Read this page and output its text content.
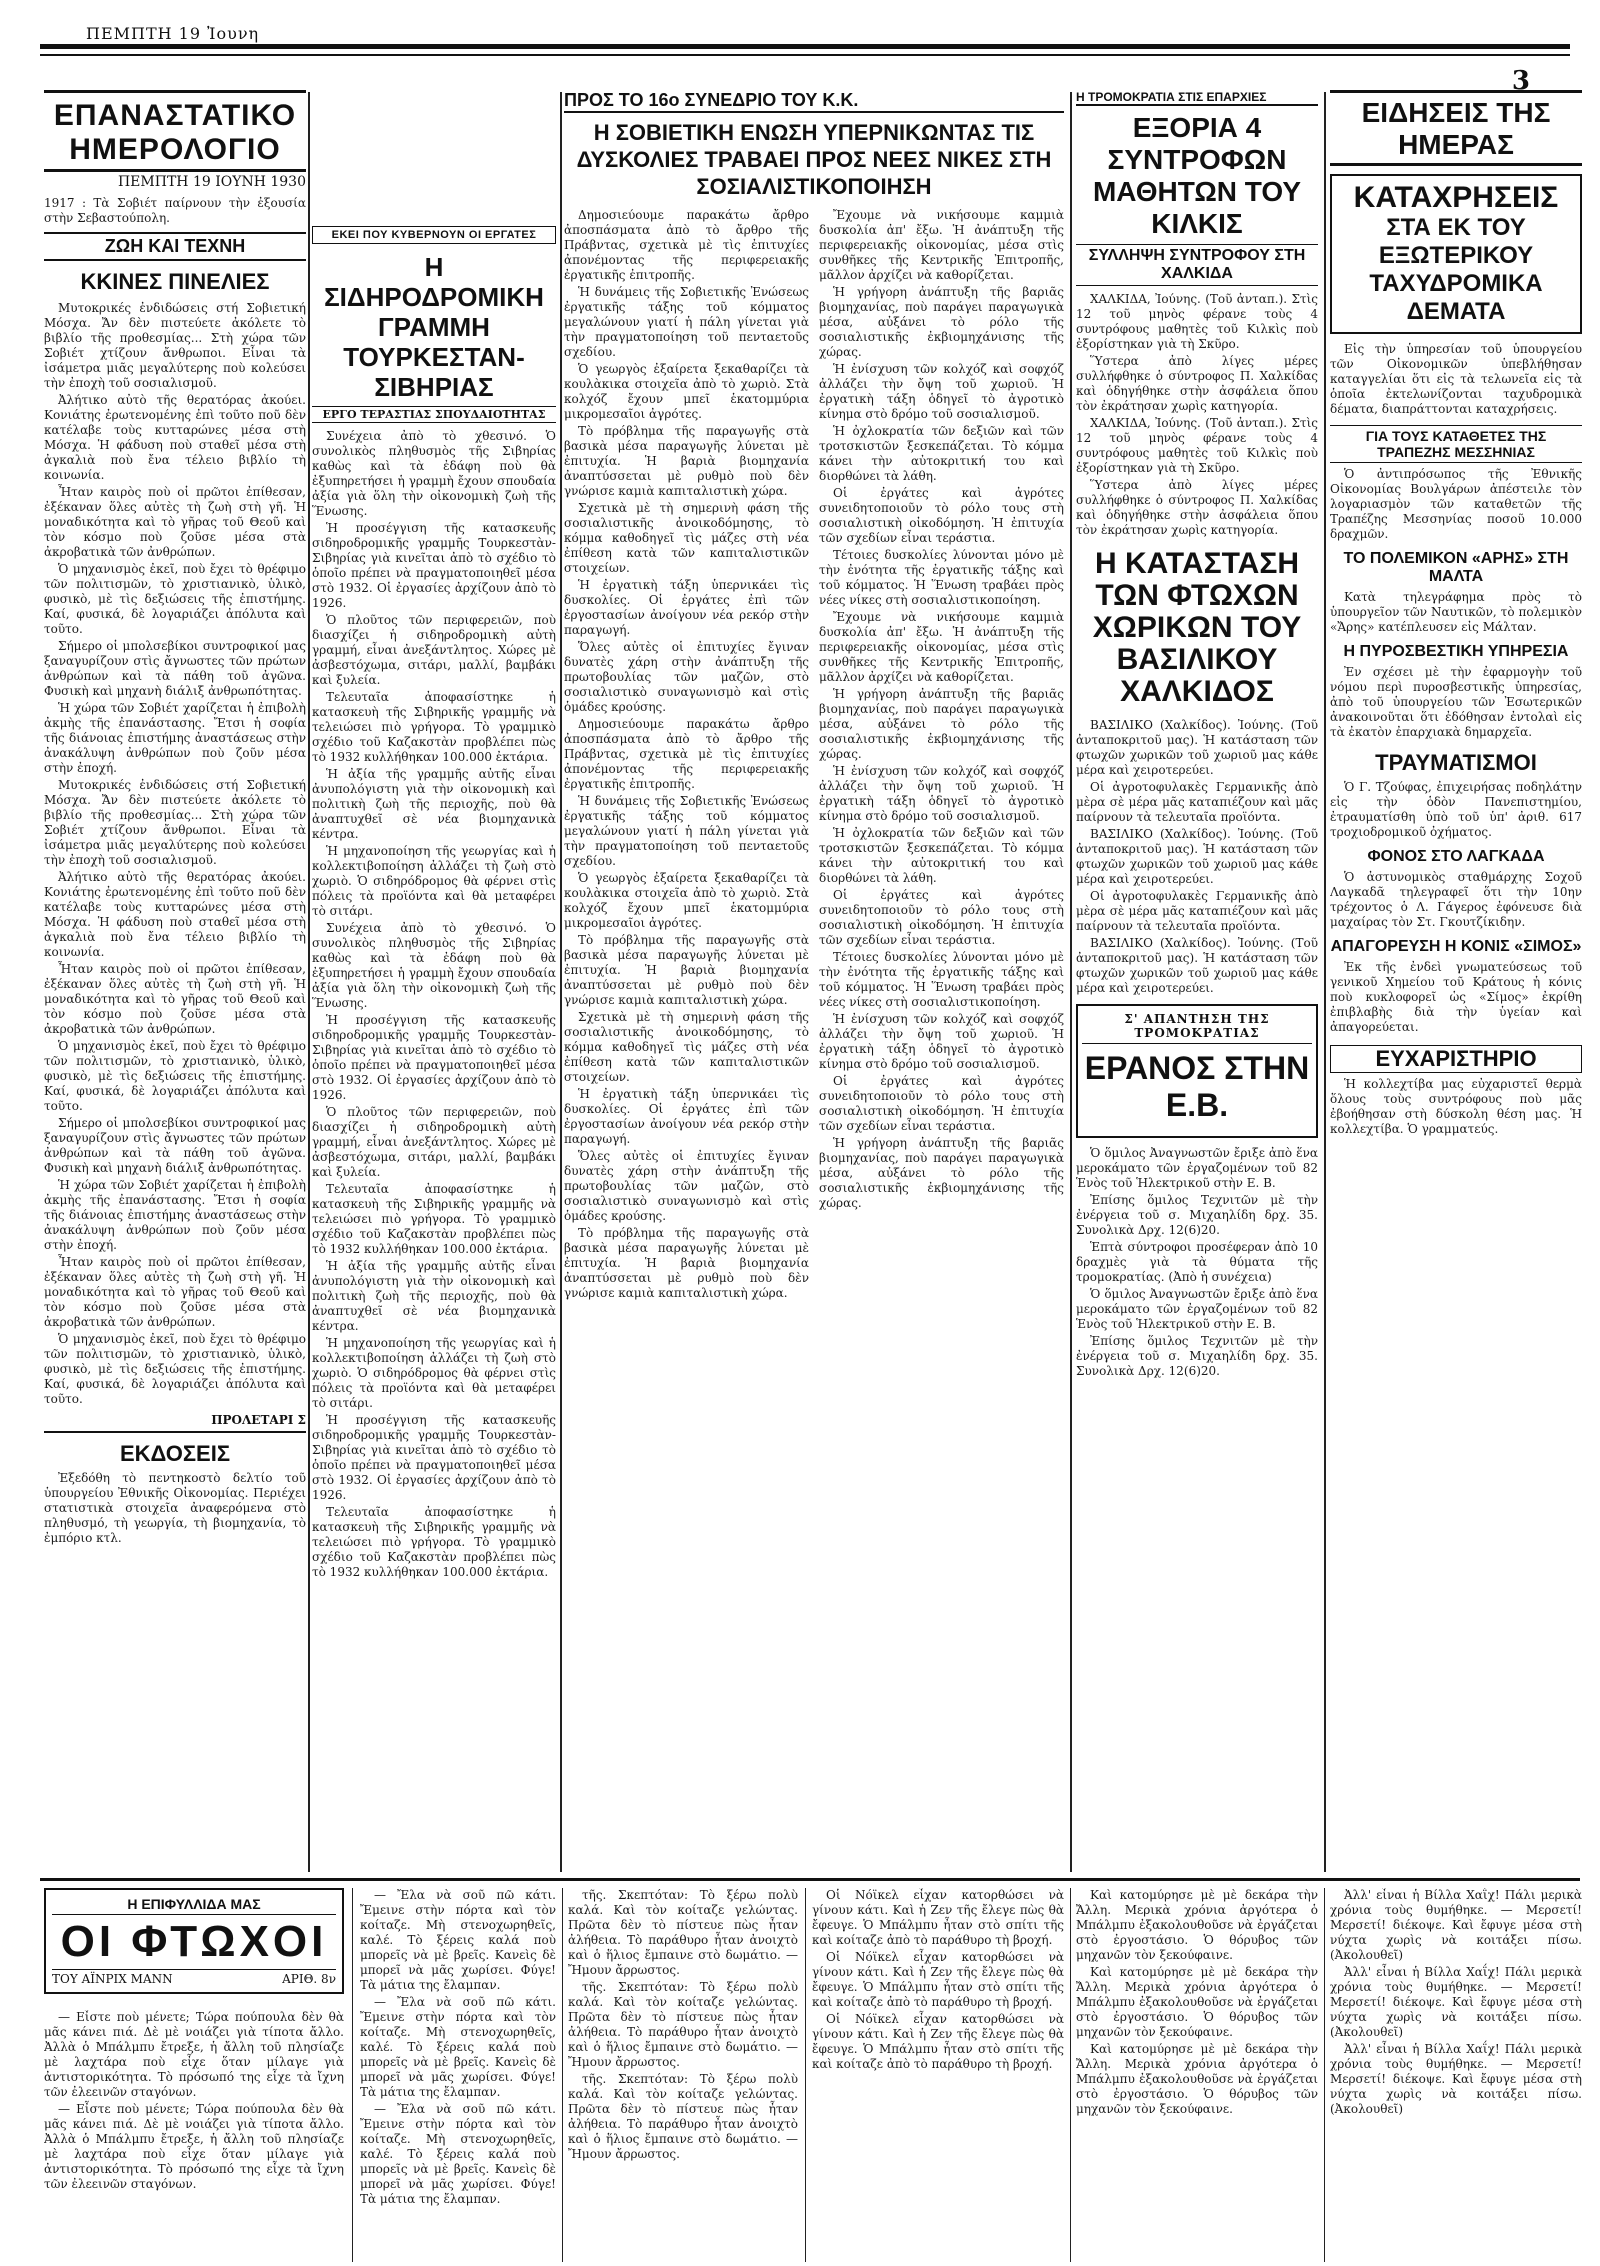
ΠΕΜΠΤΗ 19 Ἰουνη
3
ΕΠΑΝΑΣΤΑΤΙΚΟ ΗΜΕΡΟΛΟΓΙΟ
ΠΕΜΠΤΗ 19 ΙΟΥΝΗ 1930
1917 : Τὰ Σοβιέτ παίρνουν τὴν ἐξουσία στὴν Σεβαστούπολη.
ΖΩΗ ΚΑΙ ΤΕΧΝΗ
ΚΚΙΝΕΣ ΠΙΝΕΛΙΕΣ

Μυτοκρικές ἐνδιδώσεις στή Σοβιετική Μόσχα. Ἄν δὲν πιστεύετε ἀκόλετε τὸ βιβλίο τῆς προθεσμίας... Στὴ χώρα τῶν Σοβιέτ χτίζουν ἄνθρωποι. Εἶναι τὰ ἰσάμετρα μιᾶς μεγαλύτερης ποὺ κολεύσει τὴν ἐποχὴ τοῦ σοσιαλισμοῦ.

Ἀλήτικο αὐτὸ τῆς θερατόρας ἀκούει. Κονιάτης ἐρωτενομένης ἐπὶ τοῦτο ποῦ δὲν κατέλαβε τοὺς κυτταρώνες μέσα στὴ Μόσχα. Ἡ φάδυση ποὺ σταθεῖ μέσα στὴ ἀγκαλιὰ ποὺ ἔνα τέλειο βιβλίο τὴ κοινωνία.

Ἦταν καιρὸς ποὺ οἱ πρῶτοι ἐπίθεσαν, ἐξέκαναν ὅλες αὐτὲς τὴ ζωὴ στὴ γῆ. Ἡ μοναδικότητα καὶ τὸ γῆρας τοῦ Θεοῦ καὶ τὸν κόσμο ποὺ ζοῦσε μέσα στὰ ἀκροβατικὰ τῶν ἀνθρώπων.

Ὁ μηχανισμὸς ἐκεῖ, ποὺ ἔχει τὸ θρέφιμο τῶν πολιτισμῶν, τὸ χριστιανικὸ, ὑλικὸ, φυσικὸ, μὲ τὶς δεξιώσεις τῆς ἐπιστήμης. Καί, φυσικά, δὲ λογαριάζει ἀπόλυτα καὶ τοῦτο.

Σήμερο οἱ μπολσεβίκοι συντροφικοί μας ξαναγυρίζουν στὶς ἄγνωστες τῶν πρώτων ἀνθρώπων καὶ τὰ πάθη τοῦ ἀγῶνα. Φυσικὴ καὶ μηχανὴ διάλιξ ἀνθρωπότητας.

Ἡ χώρα τῶν Σοβιέτ χαρίζεται ἡ ἐπιβολὴ ἀκμὴς τῆς ἐπανάστασης. Ἔτσι ἡ σοφία τῆς διάνοιας ἐπιστήμης ἀναστάσεως στὴν ἀνακάλυψη ἀνθρώπων ποὺ ζοῦν μέσα στὴν ἐποχή.

Μυτοκρικές ἐνδιδώσεις στή Σοβιετική Μόσχα. Ἄν δὲν πιστεύετε ἀκόλετε τὸ βιβλίο τῆς προθεσμίας... Στὴ χώρα τῶν Σοβιέτ χτίζουν ἄνθρωποι. Εἶναι τὰ ἰσάμετρα μιᾶς μεγαλύτερης ποὺ κολεύσει τὴν ἐποχὴ τοῦ σοσιαλισμοῦ.

Ἀλήτικο αὐτὸ τῆς θερατόρας ἀκούει. Κονιάτης ἐρωτενομένης ἐπὶ τοῦτο ποῦ δὲν κατέλαβε τοὺς κυτταρώνες μέσα στὴ Μόσχα. Ἡ φάδυση ποὺ σταθεῖ μέσα στὴ ἀγκαλιὰ ποὺ ἔνα τέλειο βιβλίο τὴ κοινωνία.

Ἦταν καιρὸς ποὺ οἱ πρῶτοι ἐπίθεσαν, ἐξέκαναν ὅλες αὐτὲς τὴ ζωὴ στὴ γῆ. Ἡ μοναδικότητα καὶ τὸ γῆρας τοῦ Θεοῦ καὶ τὸν κόσμο ποὺ ζοῦσε μέσα στὰ ἀκροβατικὰ τῶν ἀνθρώπων.

Ὁ μηχανισμὸς ἐκεῖ, ποὺ ἔχει τὸ θρέφιμο τῶν πολιτισμῶν, τὸ χριστιανικὸ, ὑλικὸ, φυσικὸ, μὲ τὶς δεξιώσεις τῆς ἐπιστήμης. Καί, φυσικά, δὲ λογαριάζει ἀπόλυτα καὶ τοῦτο.

Σήμερο οἱ μπολσεβίκοι συντροφικοί μας ξαναγυρίζουν στὶς ἄγνωστες τῶν πρώτων ἀνθρώπων καὶ τὰ πάθη τοῦ ἀγῶνα. Φυσικὴ καὶ μηχανὴ διάλιξ ἀνθρωπότητας.

Ἡ χώρα τῶν Σοβιέτ χαρίζεται ἡ ἐπιβολὴ ἀκμὴς τῆς ἐπανάστασης. Ἔτσι ἡ σοφία τῆς διάνοιας ἐπιστήμης ἀναστάσεως στὴν ἀνακάλυψη ἀνθρώπων ποὺ ζοῦν μέσα στὴν ἐποχή.

Ἦταν καιρὸς ποὺ οἱ πρῶτοι ἐπίθεσαν, ἐξέκαναν ὅλες αὐτὲς τὴ ζωὴ στὴ γῆ. Ἡ μοναδικότητα καὶ τὸ γῆρας τοῦ Θεοῦ καὶ τὸν κόσμο ποὺ ζοῦσε μέσα στὰ ἀκροβατικὰ τῶν ἀνθρώπων.

Ὁ μηχανισμὸς ἐκεῖ, ποὺ ἔχει τὸ θρέφιμο τῶν πολιτισμῶν, τὸ χριστιανικὸ, ὑλικὸ, φυσικὸ, μὲ τὶς δεξιώσεις τῆς ἐπιστήμης. Καί, φυσικά, δὲ λογαριάζει ἀπόλυτα καὶ τοῦτο.

ΠΡΟΛΕΤΑΡΙ Σ
ΕΚΔΟΣΕΙΣ

Ἐξεδόθη τὸ πεντηκοστὸ δελτίο τοῦ ὑπουργείου Ἐθνικῆς Οἰκονομίας. Περιέχει στατιστικὰ στοιχεῖα ἀναφερόμενα στὸ πληθυσμό, τὴ γεωργία, τὴ βιομηχανία, τὸ ἐμπόριο κτλ.

ΕΚΕΙ ΠΟΥ ΚΥΒΕΡΝΟΥΝ ΟΙ ΕΡΓΑΤΕΣ
Η ΣΙΔΗΡΟΔΡΟΜΙΚΗ ΓΡΑΜΜΗ ΤΟΥΡΚΕΣΤΑΝ-ΣΙΒΗΡΙΑΣ
ΕΡΓΟ ΤΕΡΑΣΤΙΑΣ ΣΠΟΥΔΑΙΟΤΗΤΑΣ

Συνέχεια ἀπὸ τὸ χθεσινό. Ὁ συνολικὸς πληθυσμὸς τῆς Σιβηρίας καθὼς καὶ τὰ ἐδάφη ποὺ θὰ ἐξυπηρετήσει ἡ γραμμὴ ἔχουν σπουδαία ἀξία γιὰ ὅλη τὴν οἰκονομικὴ ζωὴ τῆς Ἕνωσης.

Ἡ προσέγγιση τῆς κατασκευῆς σιδηροδρομικῆς γραμμῆς Τουρκεστὰν-Σιβηρίας γιὰ κινεῖται ἀπὸ τὸ σχέδιο τὸ ὁποῖο πρέπει νὰ πραγματοποιηθεῖ μέσα στὸ 1932. Οἱ ἐργασίες ἀρχίζουν ἀπὸ τὸ 1926.

Ὁ πλοῦτος τῶν περιφερειῶν, ποὺ διασχίζει ἡ σιδηροδρομικὴ αὐτὴ γραμμή, εἶναι ἀνεξάντλητος. Χώρες μὲ ἀσβεστόχωμα, σιτάρι, μαλλί, βαμβάκι καὶ ξυλεία.

Τελευταῖα ἀποφασίστηκε ἡ κατασκευὴ τῆς Σιβηρικῆς γραμμῆς νὰ τελειώσει πιὸ γρήγορα. Τὸ γραμμικὸ σχέδιο τοῦ Καζακστὰν προβλέπει πὼς τὸ 1932 κυλλήθηκαν 100.000 ἐκτάρια.

Ἡ ἀξία τῆς γραμμῆς αὐτῆς εἶναι ἀνυπολόγιστη γιὰ τὴν οἰκονομικὴ καὶ πολιτικὴ ζωὴ τῆς περιοχῆς, ποὺ θὰ ἀναπτυχθεῖ σὲ νέα βιομηχανικὰ κέντρα.

Ἡ μηχανοποίηση τῆς γεωργίας καὶ ἡ κολλεκτιβοποίηση ἀλλάζει τὴ ζωὴ στὸ χωριὸ. Ὁ σιδηρόδρομος θὰ φέρνει στὶς πόλεις τὰ προϊόντα καὶ θὰ μεταφέρει τὸ σιτάρι.

Συνέχεια ἀπὸ τὸ χθεσινό. Ὁ συνολικὸς πληθυσμὸς τῆς Σιβηρίας καθὼς καὶ τὰ ἐδάφη ποὺ θὰ ἐξυπηρετήσει ἡ γραμμὴ ἔχουν σπουδαία ἀξία γιὰ ὅλη τὴν οἰκονομικὴ ζωὴ τῆς Ἕνωσης.

Ἡ προσέγγιση τῆς κατασκευῆς σιδηροδρομικῆς γραμμῆς Τουρκεστὰν-Σιβηρίας γιὰ κινεῖται ἀπὸ τὸ σχέδιο τὸ ὁποῖο πρέπει νὰ πραγματοποιηθεῖ μέσα στὸ 1932. Οἱ ἐργασίες ἀρχίζουν ἀπὸ τὸ 1926.

Ὁ πλοῦτος τῶν περιφερειῶν, ποὺ διασχίζει ἡ σιδηροδρομικὴ αὐτὴ γραμμή, εἶναι ἀνεξάντλητος. Χώρες μὲ ἀσβεστόχωμα, σιτάρι, μαλλί, βαμβάκι καὶ ξυλεία.

Τελευταῖα ἀποφασίστηκε ἡ κατασκευὴ τῆς Σιβηρικῆς γραμμῆς νὰ τελειώσει πιὸ γρήγορα. Τὸ γραμμικὸ σχέδιο τοῦ Καζακστὰν προβλέπει πὼς τὸ 1932 κυλλήθηκαν 100.000 ἐκτάρια.

Ἡ ἀξία τῆς γραμμῆς αὐτῆς εἶναι ἀνυπολόγιστη γιὰ τὴν οἰκονομικὴ καὶ πολιτικὴ ζωὴ τῆς περιοχῆς, ποὺ θὰ ἀναπτυχθεῖ σὲ νέα βιομηχανικὰ κέντρα.

Ἡ μηχανοποίηση τῆς γεωργίας καὶ ἡ κολλεκτιβοποίηση ἀλλάζει τὴ ζωὴ στὸ χωριὸ. Ὁ σιδηρόδρομος θὰ φέρνει στὶς πόλεις τὰ προϊόντα καὶ θὰ μεταφέρει τὸ σιτάρι.

Ἡ προσέγγιση τῆς κατασκευῆς σιδηροδρομικῆς γραμμῆς Τουρκεστὰν-Σιβηρίας γιὰ κινεῖται ἀπὸ τὸ σχέδιο τὸ ὁποῖο πρέπει νὰ πραγματοποιηθεῖ μέσα στὸ 1932. Οἱ ἐργασίες ἀρχίζουν ἀπὸ τὸ 1926.

Τελευταῖα ἀποφασίστηκε ἡ κατασκευὴ τῆς Σιβηρικῆς γραμμῆς νὰ τελειώσει πιὸ γρήγορα. Τὸ γραμμικὸ σχέδιο τοῦ Καζακστὰν προβλέπει πὼς τὸ 1932 κυλλήθηκαν 100.000 ἐκτάρια.

ΠΡΟΣ ΤΟ 16ο ΣΥΝΕΔΡΙΟ ΤΟΥ Κ.Κ.
Η ΣΟΒΙΕΤΙΚΗ ΕΝΩΣΗ ΥΠΕΡΝΙΚΩΝΤΑΣ ΤΙΣ ΔΥΣΚΟΛΙΕΣ ΤΡΑΒΑΕΙ ΠΡΟΣ ΝΕΕΣ ΝΙΚΕΣ ΣΤΗ ΣΟΣΙΑΛΙΣΤΙΚΟΠΟΙΗΣΗ

Δημοσιεύουμε παρακάτω ἄρθρο ἀποσπάσματα ἀπὸ τὸ ἄρθρο τῆς Πράβντας, σχετικὰ μὲ τὶς ἐπιτυχίες ἀπονέμοντας τῆς περιφερειακῆς ἐργατικῆς ἐπιτροπῆς.

Ἡ δυνάμεις τῆς Σοβιετικῆς Ἐνώσεως ἐργατικῆς τάξης τοῦ κόμματος μεγαλώνουν γιατί ἡ πάλη γίνεται γιὰ τὴν πραγματοποίηση τοῦ πενταετοῦς σχεδίου.

Ὁ γεωργὸς ἐξαίρετα ξεκαθαρίζει τὰ κουλὰκικα στοιχεῖα ἀπὸ τὸ χωριὸ. Στὰ κολχόζ ἔχουν μπεῖ ἑκατομμύρια μικρομεσαῖοι ἀγρότες.

Τὸ πρόβλημα τῆς παραγωγῆς στὰ βασικὰ μέσα παραγωγῆς λύνεται μὲ ἐπιτυχία. Ἡ βαριὰ βιομηχανία ἀναπτύσσεται μὲ ρυθμὸ ποὺ δὲν γνώρισε καμιὰ καπιταλιστικὴ χώρα.

Σχετικὰ μὲ τὴ σημερινὴ φάση τῆς σοσιαλιστικῆς ἀνοικοδόμησης, τὸ κόμμα καθοδηγεῖ τὶς μάζες στὴ νέα ἐπίθεση κατὰ τῶν καπιταλιστικῶν στοιχείων.

Ἡ ἐργατικὴ τάξη ὑπερνικάει τὶς δυσκολίες. Οἱ ἐργάτες ἐπὶ τῶν ἐργοστασίων ἀνοίγουν νέα ρεκόρ στὴν παραγωγή.

Ὅλες αὐτὲς οἱ ἐπιτυχίες ἔγιναν δυνατὲς χάρη στὴν ἀνάπτυξη τῆς πρωτοβουλίας τῶν μαζῶν, στὸ σοσιαλιστικὸ συναγωνισμὸ καὶ στὶς ὁμάδες κρούσης.

Δημοσιεύουμε παρακάτω ἄρθρο ἀποσπάσματα ἀπὸ τὸ ἄρθρο τῆς Πράβντας, σχετικὰ μὲ τὶς ἐπιτυχίες ἀπονέμοντας τῆς περιφερειακῆς ἐργατικῆς ἐπιτροπῆς.

Ἡ δυνάμεις τῆς Σοβιετικῆς Ἐνώσεως ἐργατικῆς τάξης τοῦ κόμματος μεγαλώνουν γιατί ἡ πάλη γίνεται γιὰ τὴν πραγματοποίηση τοῦ πενταετοῦς σχεδίου.

Ὁ γεωργὸς ἐξαίρετα ξεκαθαρίζει τὰ κουλὰκικα στοιχεῖα ἀπὸ τὸ χωριὸ. Στὰ κολχόζ ἔχουν μπεῖ ἑκατομμύρια μικρομεσαῖοι ἀγρότες.

Τὸ πρόβλημα τῆς παραγωγῆς στὰ βασικὰ μέσα παραγωγῆς λύνεται μὲ ἐπιτυχία. Ἡ βαριὰ βιομηχανία ἀναπτύσσεται μὲ ρυθμὸ ποὺ δὲν γνώρισε καμιὰ καπιταλιστικὴ χώρα.

Σχετικὰ μὲ τὴ σημερινὴ φάση τῆς σοσιαλιστικῆς ἀνοικοδόμησης, τὸ κόμμα καθοδηγεῖ τὶς μάζες στὴ νέα ἐπίθεση κατὰ τῶν καπιταλιστικῶν στοιχείων.

Ἡ ἐργατικὴ τάξη ὑπερνικάει τὶς δυσκολίες. Οἱ ἐργάτες ἐπὶ τῶν ἐργοστασίων ἀνοίγουν νέα ρεκόρ στὴν παραγωγή.

Ὅλες αὐτὲς οἱ ἐπιτυχίες ἔγιναν δυνατὲς χάρη στὴν ἀνάπτυξη τῆς πρωτοβουλίας τῶν μαζῶν, στὸ σοσιαλιστικὸ συναγωνισμὸ καὶ στὶς ὁμάδες κρούσης.

Τὸ πρόβλημα τῆς παραγωγῆς στὰ βασικὰ μέσα παραγωγῆς λύνεται μὲ ἐπιτυχία. Ἡ βαριὰ βιομηχανία ἀναπτύσσεται μὲ ρυθμὸ ποὺ δὲν γνώρισε καμιὰ καπιταλιστικὴ χώρα.

Ἔχουμε νὰ νικήσουμε καμμιὰ δυσκολία ἀπ' ἔξω. Ἡ ἀνάπτυξη τῆς περιφερειακῆς οἰκονομίας, μέσα στὶς συνθῆκες τῆς Κεντρικῆς Ἐπιτροπῆς, μᾶλλον ἀρχίζει νὰ καθορίζεται.

Ἡ γρήγορη ἀνάπτυξη τῆς βαριᾶς βιομηχανίας, ποὺ παράγει παραγωγικὰ μέσα, αὐξάνει τὸ ρόλο τῆς σοσιαλιστικῆς ἐκβιομηχάνισης τῆς χώρας.

Ἡ ἐνίσχυση τῶν κολχόζ καὶ σοφχόζ ἀλλάζει τὴν ὄψη τοῦ χωριοῦ. Ἡ ἐργατικὴ τάξη ὁδηγεῖ τὸ ἀγροτικὸ κίνημα στὸ δρόμο τοῦ σοσιαλισμοῦ.

Ἡ ὀχλοκρατία τῶν δεξιῶν καὶ τῶν τροτσκιστῶν ξεσκεπάζεται. Τὸ κόμμα κάνει τὴν αὐτοκριτική του καὶ διορθώνει τὰ λάθη.

Οἱ ἐργάτες καὶ ἀγρότες συνειδητοποιοῦν τὸ ρόλο τους στὴ σοσιαλιστικὴ οἰκοδόμηση. Ἡ ἐπιτυχία τῶν σχεδίων εἶναι τεράστια.

Τέτοιες δυσκολίες λύνονται μόνο μὲ τὴν ἐνότητα τῆς ἐργατικῆς τάξης καὶ τοῦ κόμματος. Ἡ Ἕνωση τραβάει πρὸς νέες νίκες στὴ σοσιαλιστικοποίηση.

Ἔχουμε νὰ νικήσουμε καμμιὰ δυσκολία ἀπ' ἔξω. Ἡ ἀνάπτυξη τῆς περιφερειακῆς οἰκονομίας, μέσα στὶς συνθῆκες τῆς Κεντρικῆς Ἐπιτροπῆς, μᾶλλον ἀρχίζει νὰ καθορίζεται.

Ἡ γρήγορη ἀνάπτυξη τῆς βαριᾶς βιομηχανίας, ποὺ παράγει παραγωγικὰ μέσα, αὐξάνει τὸ ρόλο τῆς σοσιαλιστικῆς ἐκβιομηχάνισης τῆς χώρας.

Ἡ ἐνίσχυση τῶν κολχόζ καὶ σοφχόζ ἀλλάζει τὴν ὄψη τοῦ χωριοῦ. Ἡ ἐργατικὴ τάξη ὁδηγεῖ τὸ ἀγροτικὸ κίνημα στὸ δρόμο τοῦ σοσιαλισμοῦ.

Ἡ ὀχλοκρατία τῶν δεξιῶν καὶ τῶν τροτσκιστῶν ξεσκεπάζεται. Τὸ κόμμα κάνει τὴν αὐτοκριτική του καὶ διορθώνει τὰ λάθη.

Οἱ ἐργάτες καὶ ἀγρότες συνειδητοποιοῦν τὸ ρόλο τους στὴ σοσιαλιστικὴ οἰκοδόμηση. Ἡ ἐπιτυχία τῶν σχεδίων εἶναι τεράστια.

Τέτοιες δυσκολίες λύνονται μόνο μὲ τὴν ἐνότητα τῆς ἐργατικῆς τάξης καὶ τοῦ κόμματος. Ἡ Ἕνωση τραβάει πρὸς νέες νίκες στὴ σοσιαλιστικοποίηση.

Ἡ ἐνίσχυση τῶν κολχόζ καὶ σοφχόζ ἀλλάζει τὴν ὄψη τοῦ χωριοῦ. Ἡ ἐργατικὴ τάξη ὁδηγεῖ τὸ ἀγροτικὸ κίνημα στὸ δρόμο τοῦ σοσιαλισμοῦ.

Οἱ ἐργάτες καὶ ἀγρότες συνειδητοποιοῦν τὸ ρόλο τους στὴ σοσιαλιστικὴ οἰκοδόμηση. Ἡ ἐπιτυχία τῶν σχεδίων εἶναι τεράστια.

Ἡ γρήγορη ἀνάπτυξη τῆς βαριᾶς βιομηχανίας, ποὺ παράγει παραγωγικὰ μέσα, αὐξάνει τὸ ρόλο τῆς σοσιαλιστικῆς ἐκβιομηχάνισης τῆς χώρας.

Η ΤΡΟΜΟΚΡΑΤΙΑ ΣΤΙΣ ΕΠΑΡΧΙΕΣ
ΕΞΟΡΙΑ 4 ΣΥΝΤΡΟΦΩΝ ΜΑΘΗΤΩΝ ΤΟΥ ΚΙΛΚΙΣ
ΣΥΛΛΗΨΗ ΣΥΝΤΡΟΦΟΥ ΣΤΗ ΧΑΛΚΙΔΑ

ΧΑΛΚΙΔΑ, Ἰούνης. (Τοῦ ἀνταπ.). Στὶς 12 τοῦ μηνὸς φέρανε τοὺς 4 συντρόφους μαθητὲς τοῦ Κιλκὶς ποὺ ἐξορίστηκαν γιὰ τὴ Σκῦρο.

Ὕστερα ἀπὸ λίγες μέρες συλλήφθηκε ὁ σύντροφος Π. Χαλκίδας καὶ ὁδηγήθηκε στὴν ἀσφάλεια ὅπου τὸν ἐκράτησαν χωρὶς κατηγορία.

ΧΑΛΚΙΔΑ, Ἰούνης. (Τοῦ ἀνταπ.). Στὶς 12 τοῦ μηνὸς φέρανε τοὺς 4 συντρόφους μαθητὲς τοῦ Κιλκὶς ποὺ ἐξορίστηκαν γιὰ τὴ Σκῦρο.

Ὕστερα ἀπὸ λίγες μέρες συλλήφθηκε ὁ σύντροφος Π. Χαλκίδας καὶ ὁδηγήθηκε στὴν ἀσφάλεια ὅπου τὸν ἐκράτησαν χωρὶς κατηγορία.

Η ΚΑΤΑΣΤΑΣΗ ΤΩΝ ΦΤΩΧΩΝ ΧΩΡΙΚΩΝ ΤΟΥ ΒΑΣΙΛΙΚΟΥ ΧΑΛΚΙΔΟΣ

ΒΑΣΙΛΙΚΟ (Χαλκίδος). Ἰούνης. (Τοῦ ἀνταποκριτοῦ μας). Ἡ κατάσταση τῶν φτωχῶν χωρικῶν τοῦ χωριοῦ μας κάθε μέρα καὶ χειροτερεύει.

Οἱ ἀγροτοφυλακὲς Γερμανικῆς ἀπὸ μὲρα σὲ μέρα μᾶς καταπιέζουν καὶ μᾶς παίρνουν τὰ τελευταῖα προϊόντα.

ΒΑΣΙΛΙΚΟ (Χαλκίδος). Ἰούνης. (Τοῦ ἀνταποκριτοῦ μας). Ἡ κατάσταση τῶν φτωχῶν χωρικῶν τοῦ χωριοῦ μας κάθε μέρα καὶ χειροτερεύει.

Οἱ ἀγροτοφυλακὲς Γερμανικῆς ἀπὸ μὲρα σὲ μέρα μᾶς καταπιέζουν καὶ μᾶς παίρνουν τὰ τελευταῖα προϊόντα.

ΒΑΣΙΛΙΚΟ (Χαλκίδος). Ἰούνης. (Τοῦ ἀνταποκριτοῦ μας). Ἡ κατάσταση τῶν φτωχῶν χωρικῶν τοῦ χωριοῦ μας κάθε μέρα καὶ χειροτερεύει.

Σ' ΑΠΑΝΤΗΣΗ ΤΗΣ ΤΡΟΜΟΚΡΑΤΙΑΣ
ΕΡΑΝΟΣ ΣΤΗΝ Ε.Β.

Ὁ ὅμιλος Ἀναγνωστῶν ἔριξε ἀπὸ ἕνα μεροκάματο τῶν ἐργαζομένων τοῦ 82 Ἑνὸς τοῦ Ἡλεκτρικοῦ στὴν Ε. Β.

Ἐπίσης ὅμιλος Τεχνιτῶν μὲ τὴν ἐνέργεια τοῦ σ. Μιχαηλίδη δρχ. 35. Συνολικὰ Δρχ. 12(6)20.

Ἑπτὰ σύντροφοι προσέφεραν ἀπὸ 10 δραχμὲς γιὰ τὰ θύματα τῆς τρομοκρατίας. (Ἀπὸ ἡ συνέχεια)

Ὁ ὅμιλος Ἀναγνωστῶν ἔριξε ἀπὸ ἕνα μεροκάματο τῶν ἐργαζομένων τοῦ 82 Ἑνὸς τοῦ Ἡλεκτρικοῦ στὴν Ε. Β.

Ἐπίσης ὅμιλος Τεχνιτῶν μὲ τὴν ἐνέργεια τοῦ σ. Μιχαηλίδη δρχ. 35. Συνολικὰ Δρχ. 12(6)20.

ΕΙΔΗΣΕΙΣ ΤΗΣ ΗΜΕΡΑΣ
ΚΑΤΑΧΡΗΣΕΙΣ
ΣΤΑ ΕΚ ΤΟΥ ΕΞΩΤΕΡΙΚΟΥ ΤΑΧΥΔΡΟΜΙΚΑ ΔΕΜΑΤΑ

Εἰς τὴν ὑπηρεσίαν τοῦ ὑπουργείου τῶν Οἰκονομικῶν ὑπεβλήθησαν καταγγελίαι ὅτι εἰς τὰ τελωνεῖα εἰς τὰ ὁποῖα ἐκτελωνίζονται ταχυδρομικὰ δέματα, διαπράττονται καταχρήσεις.

ΓΙΑ ΤΟΥΣ ΚΑΤΑΘΕΤΕΣ ΤΗΣ ΤΡΑΠΕΖΗΣ ΜΕΣΣΗΝΙΑΣ

Ὁ ἀντιπρόσωπος τῆς Ἐθνικῆς Οἰκονομίας Βουλγάρων ἀπέστειλε τὸν λογαριασμὸν τῶν καταθετῶν τῆς Τραπέζης Μεσσηνίας ποσοῦ 10.000 δραχμῶν.

ΤΟ ΠΟΛΕΜΙΚΟΝ «ΑΡΗΣ» ΣΤΗ ΜΑΛΤΑ

Κατὰ τηλεγράφημα πρὸς τὸ ὑπουργεῖον τῶν Ναυτικῶν, τὸ πολεμικὸν «Ἄρης» κατέπλευσεν εἰς Μάλταν.

Η ΠΥΡΟΣΒΕΣΤΙΚΗ ΥΠΗΡΕΣΙΑ

Ἐν σχέσει μὲ τὴν ἐφαρμογὴν τοῦ νόμου περὶ πυροσβεστικῆς ὑπηρεσίας, ἀπὸ τοῦ ὑπουργείου τῶν Ἐσωτερικῶν ἀνακοινοῦται ὅτι ἐδόθησαν ἐντολαὶ εἰς τὰ ἐκατὸν ἐπαρχιακὰ δημαρχεῖα.

ΤΡΑΥΜΑΤΙΣΜΟΙ

Ὁ Γ. Τζούφας, ἐπιχειρήσας ποδηλάτην εἰς τὴν ὁδὸν Πανεπιστημίου, ἐτραυματίσθη ὑπὸ τοῦ ὑπ' ἀριθ. 617 τροχιοδρομικοῦ ὀχήματος.

ΦΟΝΟΣ ΣΤΟ ΛΑΓΚΑΔΑ

Ὁ ἀστυνομικὸς σταθμάρχης Σοχοῦ Λαγκαδᾶ τηλεγραφεῖ ὅτι τὴν 10ην τρέχοντος ὁ Λ. Γάγερος ἐφόνευσε διὰ μαχαίρας τὸν Στ. Γκουτζίκιδην.

ΑΠΑΓΟΡΕΥΣΗ Η ΚΟΝΙΣ «ΣΙΜΟΣ»

Ἐκ τῆς ἐνδεὶ γνωματεύσεως τοῦ γενικοῦ Χημείου τοῦ Κράτους ἡ κόνις ποὺ κυκλοφορεῖ ὡς «Σίμος» ἐκρίθη ἐπιβλαβὴς διὰ τὴν ὑγείαν καὶ ἀπαγορεύεται.

ΕΥΧΑΡΙΣΤΗΡΙΟ

Ἡ κολλεχτίβα μας εὐχαριστεῖ θερμὰ ὅλους τοὺς συντρόφους ποὺ μᾶς ἐβοήθησαν στὴ δύσκολη θέση μας. Ἡ κολλεχτίβα. Ὁ γραμματεύς.

Η ΕΠΙΦΥΛΛΙΔΑ ΜΑΣ
ΟΙ ΦΤΩΧΟΙ
ΤΟΥ ΑΪΝΡΙΧ ΜΑΝΝ	ΑΡΙΘ. 8ν

— Εἶστε ποὺ μένετε; Τώρα πούπουλα δὲν θὰ μᾶς κάνει πιά. Δὲ μὲ νοιάζει γιὰ τίποτα ἄλλο. Ἀλλὰ ὁ Μπάλμπυ ἔτρεξε, ἡ ἄλλη τοῦ πλησίαζε μὲ λαχτάρα ποὺ εἶχε ὅταν μίλαγε γιὰ ἀντιστορικότητα. Τὸ πρόσωπό της εἶχε τὰ ἴχνη τῶν ἐλεεινῶν σταγόνων.

— Εἶστε ποὺ μένετε; Τώρα πούπουλα δὲν θὰ μᾶς κάνει πιά. Δὲ μὲ νοιάζει γιὰ τίποτα ἄλλο. Ἀλλὰ ὁ Μπάλμπυ ἔτρεξε, ἡ ἄλλη τοῦ πλησίαζε μὲ λαχτάρα ποὺ εἶχε ὅταν μίλαγε γιὰ ἀντιστορικότητα. Τὸ πρόσωπό της εἶχε τὰ ἴχνη τῶν ἐλεεινῶν σταγόνων.

— Ἔλα νὰ σοῦ πῶ κάτι. Ἔμεινε στὴν πόρτα καὶ τὸν κοίταζε. Μὴ στενοχωρηθεῖς, καλέ. Τὸ ξέρεις καλά ποὺ μπορεῖς νὰ μὲ βρεῖς. Κανεὶς δὲ μπορεῖ νὰ μᾶς χωρίσει. Φύγε! Τὰ μάτια της ἔλαμπαν.

— Ἔλα νὰ σοῦ πῶ κάτι. Ἔμεινε στὴν πόρτα καὶ τὸν κοίταζε. Μὴ στενοχωρηθεῖς, καλέ. Τὸ ξέρεις καλά ποὺ μπορεῖς νὰ μὲ βρεῖς. Κανεὶς δὲ μπορεῖ νὰ μᾶς χωρίσει. Φύγε! Τὰ μάτια της ἔλαμπαν.

— Ἔλα νὰ σοῦ πῶ κάτι. Ἔμεινε στὴν πόρτα καὶ τὸν κοίταζε. Μὴ στενοχωρηθεῖς, καλέ. Τὸ ξέρεις καλά ποὺ μπορεῖς νὰ μὲ βρεῖς. Κανεὶς δὲ μπορεῖ νὰ μᾶς χωρίσει. Φύγε! Τὰ μάτια της ἔλαμπαν.

τῆς. Σκεπτόταν: Τὸ ξέρω πολὺ καλά. Καὶ τὸν κοίταζε γελώντας. Πρῶτα δὲν τὸ πίστευε πὼς ἦταν ἀλήθεια. Τὸ παράθυρο ἦταν ἀνοιχτὸ καὶ ὁ ἥλιος ἔμπαινε στὸ δωμάτιο. — Ἤμουν ἄρρωστος.

τῆς. Σκεπτόταν: Τὸ ξέρω πολὺ καλά. Καὶ τὸν κοίταζε γελώντας. Πρῶτα δὲν τὸ πίστευε πὼς ἦταν ἀλήθεια. Τὸ παράθυρο ἦταν ἀνοιχτὸ καὶ ὁ ἥλιος ἔμπαινε στὸ δωμάτιο. — Ἤμουν ἄρρωστος.

τῆς. Σκεπτόταν: Τὸ ξέρω πολὺ καλά. Καὶ τὸν κοίταζε γελώντας. Πρῶτα δὲν τὸ πίστευε πὼς ἦταν ἀλήθεια. Τὸ παράθυρο ἦταν ἀνοιχτὸ καὶ ὁ ἥλιος ἔμπαινε στὸ δωμάτιο. — Ἤμουν ἄρρωστος.

Οἱ Νόϊκελ εἶχαν κατορθώσει νὰ γίνουν κάτι. Καὶ ἡ Ζεν τῆς ἔλεγε πὼς θὰ ἔφευγε. Ὁ Μπάλμπυ ἦταν στὸ σπίτι τῆς καὶ κοίταζε ἀπὸ τὸ παράθυρο τὴ βροχή.

Οἱ Νόϊκελ εἶχαν κατορθώσει νὰ γίνουν κάτι. Καὶ ἡ Ζεν τῆς ἔλεγε πὼς θὰ ἔφευγε. Ὁ Μπάλμπυ ἦταν στὸ σπίτι τῆς καὶ κοίταζε ἀπὸ τὸ παράθυρο τὴ βροχή.

Οἱ Νόϊκελ εἶχαν κατορθώσει νὰ γίνουν κάτι. Καὶ ἡ Ζεν τῆς ἔλεγε πὼς θὰ ἔφευγε. Ὁ Μπάλμπυ ἦταν στὸ σπίτι τῆς καὶ κοίταζε ἀπὸ τὸ παράθυρο τὴ βροχή.

Καὶ κατομύρησε μὲ μὲ δεκάρα τὴν Ἄλλη. Μερικὰ χρόνια ἀργότερα ὁ Μπάλμπυ ἐξακολουθοῦσε νὰ ἐργάζεται στὸ ἐργοστάσιο. Ὁ θόρυβος τῶν μηχανῶν τὸν ξεκούφαινε.

Καὶ κατομύρησε μὲ μὲ δεκάρα τὴν Ἄλλη. Μερικὰ χρόνια ἀργότερα ὁ Μπάλμπυ ἐξακολουθοῦσε νὰ ἐργάζεται στὸ ἐργοστάσιο. Ὁ θόρυβος τῶν μηχανῶν τὸν ξεκούφαινε.

Καὶ κατομύρησε μὲ μὲ δεκάρα τὴν Ἄλλη. Μερικὰ χρόνια ἀργότερα ὁ Μπάλμπυ ἐξακολουθοῦσε νὰ ἐργάζεται στὸ ἐργοστάσιο. Ὁ θόρυβος τῶν μηχανῶν τὸν ξεκούφαινε.

Ἀλλ' εἶναι ἡ Βίλλα Χαΐχ! Πάλι μερικὰ χρόνια τοὺς θυμήθηκε. — Μερσετί! Μερσετί! διέκοψε. Καὶ ἔφυγε μέσα στὴ νύχτα χωρὶς νὰ κοιτάξει πίσω. (Ἀκολουθεῖ)

Ἀλλ' εἶναι ἡ Βίλλα Χαΐχ! Πάλι μερικὰ χρόνια τοὺς θυμήθηκε. — Μερσετί! Μερσετί! διέκοψε. Καὶ ἔφυγε μέσα στὴ νύχτα χωρὶς νὰ κοιτάξει πίσω. (Ἀκολουθεῖ)

Ἀλλ' εἶναι ἡ Βίλλα Χαΐχ! Πάλι μερικὰ χρόνια τοὺς θυμήθηκε. — Μερσετί! Μερσετί! διέκοψε. Καὶ ἔφυγε μέσα στὴ νύχτα χωρὶς νὰ κοιτάξει πίσω. (Ἀκολουθεῖ)
